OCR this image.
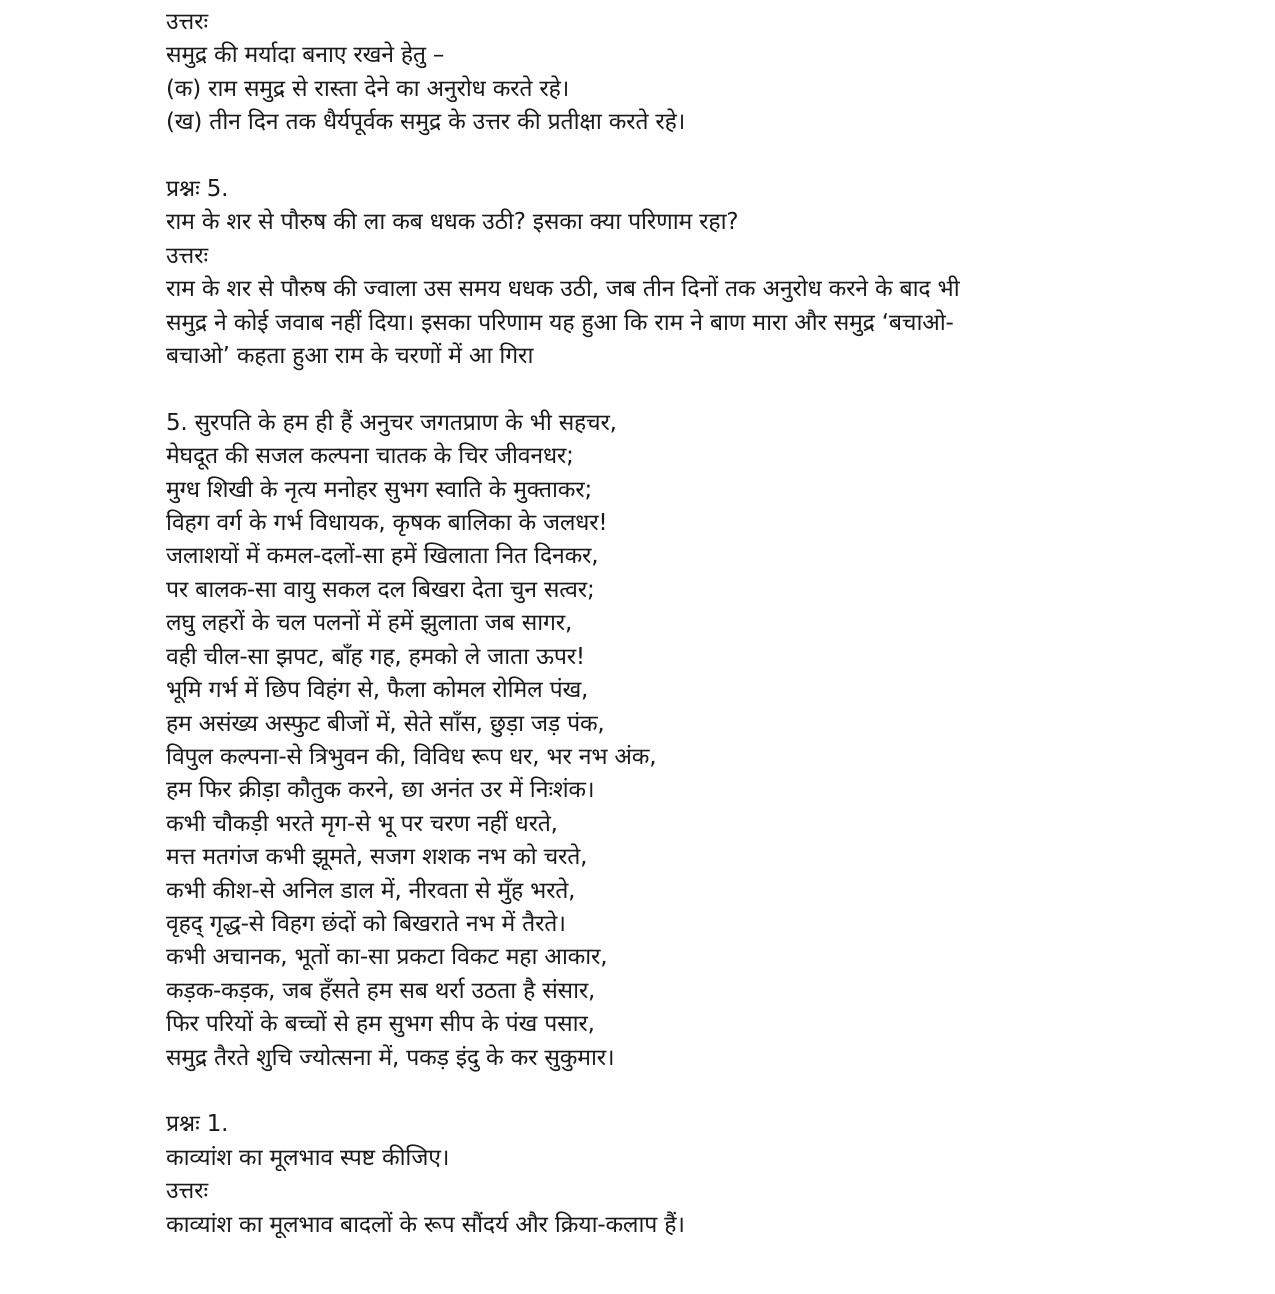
उत्तरः
समुद्र की मर्यादा बनाए रखने हेतु –
(क) राम समुद्र से रास्ता देने का अनुरोध करते रहे।
(ख) तीन दिन तक धैर्यपूर्वक समुद्र के उत्तर की प्रतीक्षा करते रहे।
प्रश्नः 5.
राम के शर से पौरुष की ला कब धधक उठी? इसका क्या परिणाम रहा?
उत्तरः
राम के शर से पौरुष की ज्वाला उस समय धधक उठी, जब तीन दिनों तक अनुरोध करने के बाद भी
समुद्र ने कोई जवाब नहीं दिया। इसका परिणाम यह हुआ कि राम ने बाण मारा और समुद्र ‘बचाओ-
बचाओ’ कहता हुआ राम के चरणों में आ गिरा
5. सुरपति के हम ही हैं अनुचर जगतप्राण के भी सहचर,
मेघदूत की सजल कल्पना चातक के चिर जीवनधर;
मुग्ध शिखी के नृत्य मनोहर सुभग स्वाति के मुक्ताकर;
विहग वर्ग के गर्भ विधायक, कृषक बालिका के जलधर!
जलाशयों में कमल-दलों-सा हमें खिलाता नित दिनकर,
पर बालक-सा वायु सकल दल बिखरा देता चुन सत्वर;
लघु लहरों के चल पलनों में हमें झुलाता जब सागर,
वही चील-सा झपट, बाँह गह, हमको ले जाता ऊपर!
भूमि गर्भ में छिप विहंग से, फैला कोमल रोमिल पंख,
हम असंख्य अस्फुट बीजों में, सेते साँस, छुड़ा जड़ पंक,
विपुल कल्पना-से त्रिभुवन की, विविध रूप धर, भर नभ अंक,
हम फिर क्रीड़ा कौतुक करने, छा अनंत उर में निःशंक।
कभी चौकड़ी भरते मृग-से भू पर चरण नहीं धरते,
मत्त मतगंज कभी झूमते, सजग शशक नभ को चरते,
कभी कीश-से अनिल डाल में, नीरवता से मुँह भरते,
वृहद् गृद्ध-से विहग छंदों को बिखराते नभ में तैरते।
कभी अचानक, भूतों का-सा प्रकटा विकट महा आकार,
कड़क-कड़क, जब हँसते हम सब थर्रा उठता है संसार,
फिर परियों के बच्चों से हम सुभग सीप के पंख पसार,
समुद्र तैरते शुचि ज्योत्सना में, पकड़ इंदु के कर सुकुमार।
प्रश्नः 1.
काव्यांश का मूलभाव स्पष्ट कीजिए।
उत्तरः
काव्यांश का मूलभाव बादलों के रूप सौंदर्य और क्रिया-कलाप हैं।
